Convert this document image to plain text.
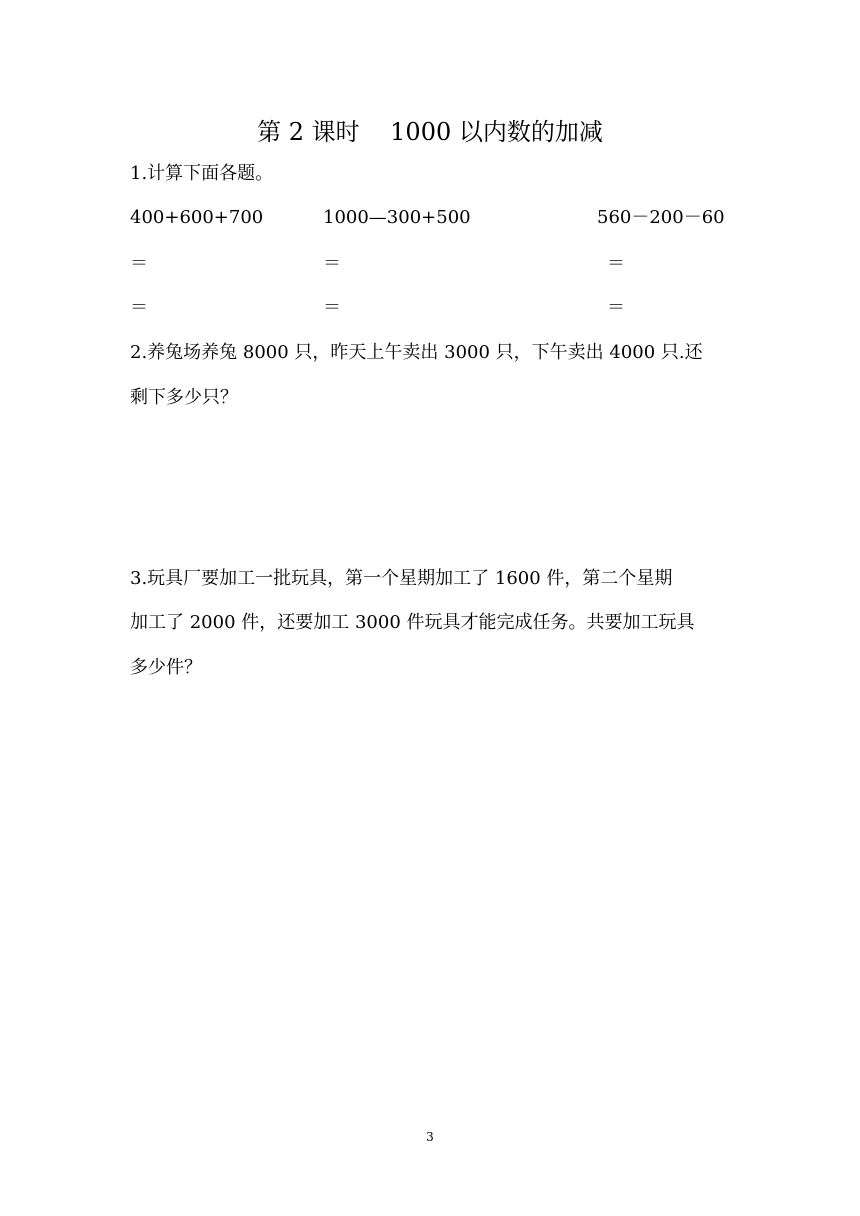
第 2 课时    1000 以内数的加减
1.计算下面各题。
400+600+700	1000—300+500	560－200－60
＝	＝	＝
＝	＝	＝
2.养兔场养兔 8000 只，昨天上午卖出 3000 只，下午卖出 4000 只.还
剩下多少只？
3.玩具厂要加工一批玩具，第一个星期加工了 1600 件，第二个星期
加工了 2000 件，还要加工 3000 件玩具才能完成任务。共要加工玩具
多少件？
3
